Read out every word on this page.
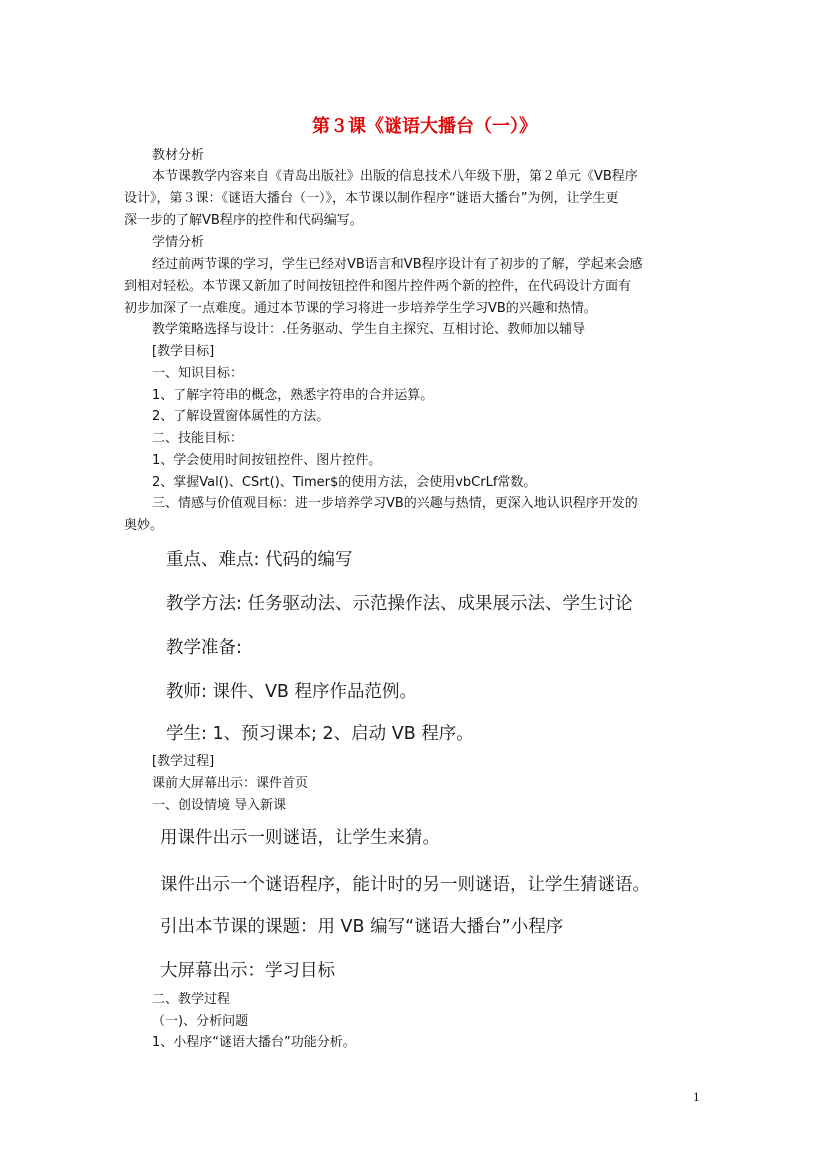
第３课《谜语大播台（一）》
教材分析
本节课教学内容来自《青岛出版社》出版的信息技术八年级下册，第２单元《VB程序
设计》，第３课：《谜语大播台（一）》，本节课以制作程序“谜语大播台”为例，让学生更
深一步的了解VB程序的控件和代码编写。
学情分析
经过前两节课的学习，学生已经对VB语言和VB程序设计有了初步的了解，学起来会感
到相对轻松。本节课又新加了时间按钮控件和图片控件两个新的控件，在代码设计方面有
初步加深了一点难度。通过本节课的学习将进一步培养学生学习VB的兴趣和热情。
教学策略选择与设计：.任务驱动、学生自主探究、互相讨论、教师加以辅导
[教学目标]
一、知识目标：
1、了解字符串的概念，熟悉字符串的合并运算。
2、了解设置窗体属性的方法。
二、技能目标：
1、学会使用时间按钮控件、图片控件。
2、掌握Val()、CSrt()、Timer$的使用方法，会使用vbCrLf常数。
三、情感与价值观目标：进一步培养学习VB的兴趣与热情，更深入地认识程序开发的
奥妙。
重点、难点: 代码的编写
教学方法: 任务驱动法、示范操作法、成果展示法、学生讨论
教学准备:
教师: 课件、VB 程序作品范例。
学生: 1、预习课本; 2、启动 VB 程序。
[教学过程]
课前大屏幕出示：课件首页
一、创设情境 导入新课
用课件出示一则谜语，让学生来猜。
课件出示一个谜语程序，能计时的另一则谜语，让学生猜谜语。
引出本节课的课题：用 VB 编写“谜语大播台”小程序
大屏幕出示：学习目标
二、教学过程
（一)、分析问题
1、小程序“谜语大播台”功能分析。
1
